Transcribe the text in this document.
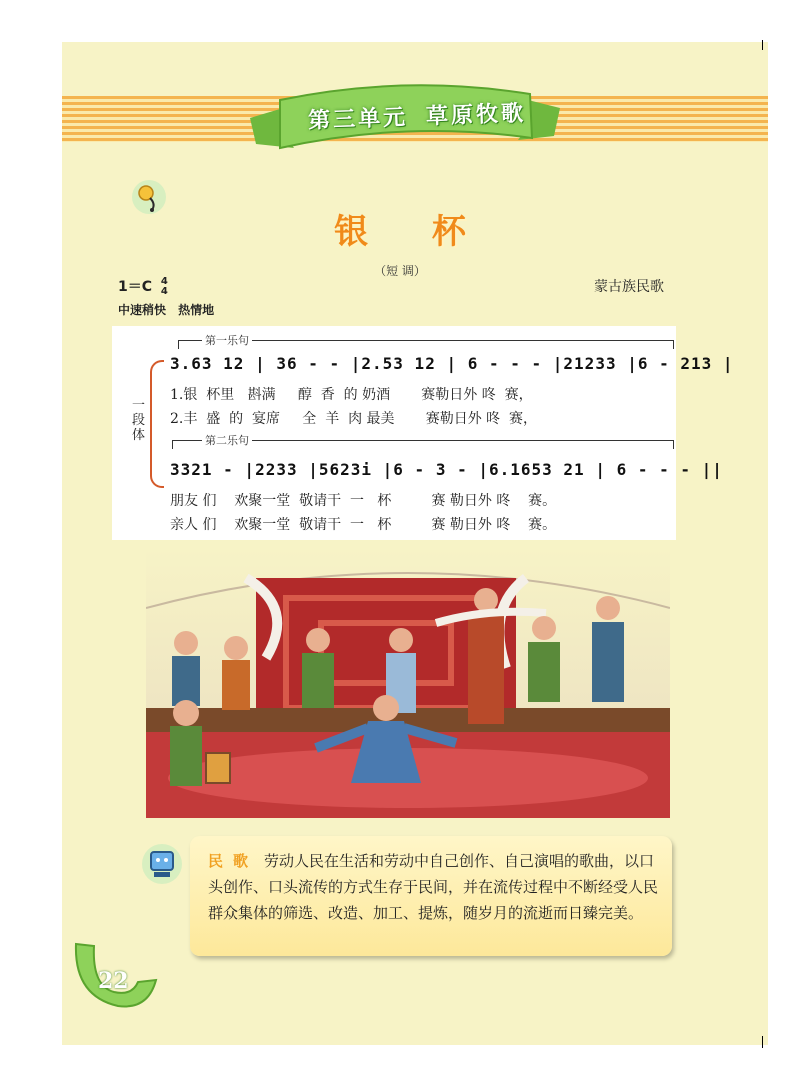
第三单元 草原牧歌
银 杯
（短 调）
1＝C 4
4	蒙古族民歌
中速稍快 热情地
第一乐句
3.63 12 | 36 - - |2.53 12 | 6 - - - |21233 |6 - 213 |
1.银  杯里   斟满     醇  香  的 奶酒       赛勒日外 咚  赛，
2.丰  盛  的  宴席     全  羊  肉 最美       赛勒日外 咚  赛，
第二乐句
3321 - |2233 |5623i |6 - 3 - |6.1653 21 | 6 - - - ||
朋友 们    欢聚一堂  敬请干  一   杯         赛 勒日外 咚    赛。
亲人 们    欢聚一堂  敬请干  一   杯         赛 勒日外 咚    赛。
一段体
民歌 劳动人民在生活和劳动中自己创作、自己演唱的歌曲，以口头创作、口头流传的方式生存于民间，并在流传过程中不断经受人民群众集体的筛选、改造、加工、提炼，随岁月的流逝而日臻完美。
22
